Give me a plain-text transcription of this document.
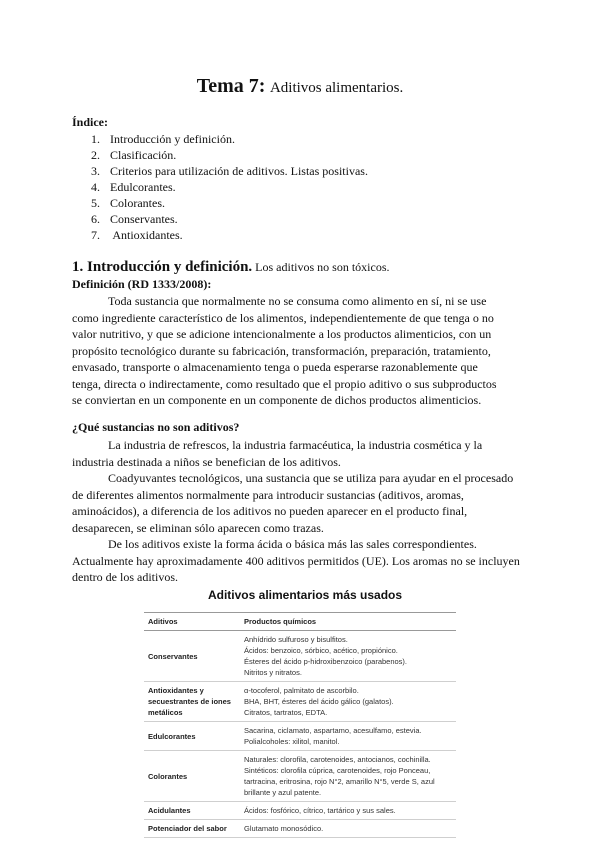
Tema 7: Aditivos alimentarios.
Índice:
1. Introducción y definición.
2. Clasificación.
3. Criterios para utilización de aditivos. Listas positivas.
4. Edulcorantes.
5. Colorantes.
6. Conservantes.
7. Antioxidantes.
1. Introducción y definición. Los aditivos no son tóxicos.
Definición (RD 1333/2008):
Toda sustancia que normalmente no se consuma como alimento en sí, ni se use
como ingrediente característico de los alimentos, independientemente de que tenga o no
valor nutritivo, y que se adicione intencionalmente a los productos alimenticios, con un
propósito tecnológico durante su fabricación, transformación, preparación, tratamiento,
envasado, transporte o almacenamiento tenga o pueda esperarse razonablemente que
tenga, directa o indirectamente, como resultado que el propio aditivo o sus subproductos
se conviertan en un componente en un componente de dichos productos alimenticios.
¿Qué sustancias no son aditivos?
La industria de refrescos, la industria farmacéutica, la industria cosmética y la
industria destinada a niños se benefician de los aditivos.
Coadyuvantes tecnológicos, una sustancia que se utiliza para ayudar en el procesado
de diferentes alimentos normalmente para introducir sustancias (aditivos, aromas,
aminoácidos), a diferencia de los aditivos no pueden aparecer en el producto final,
desaparecen, se eliminan sólo aparecen como trazas.
De los aditivos existe la forma ácida o básica más las sales correspondientes.
Actualmente hay aproximadamente 400 aditivos permitidos (UE). Los aromas no se incluyen
dentro de los aditivos.
Aditivos alimentarios más usados
Aditivos	Productos químicos
Conservantes	Anhídrido sulfuroso y bisulfitos.
Ácidos: benzoico, sórbico, acético, propiónico.
Ésteres del ácido p-hidroxibenzoico (parabenos).
Nitritos y nitratos.

Antioxidantes y secuestrantes de iones metálicos	α-tocoferol, palmitato de ascorbilo.
BHA, BHT, ésteres del ácido gálico (galatos).
Citratos, tartratos, EDTA.

Edulcorantes	Sacarina, ciclamato, aspartamo, acesulfamo, estevia.
Polialcoholes: xilitol, manitol.

Colorantes	Naturales: clorofila, carotenoides, antocianos, cochinilla.
Sintéticos: clorofila cúprica, carotenoides, rojo Ponceau,
tartracina, eritrosina, rojo N°2, amarillo N°5, verde S, azul
brillante y azul patente.

Acidulantes	Ácidos: fosfórico, cítrico, tartárico y sus sales.

Potenciador del sabor	Glutamato monosódico.
